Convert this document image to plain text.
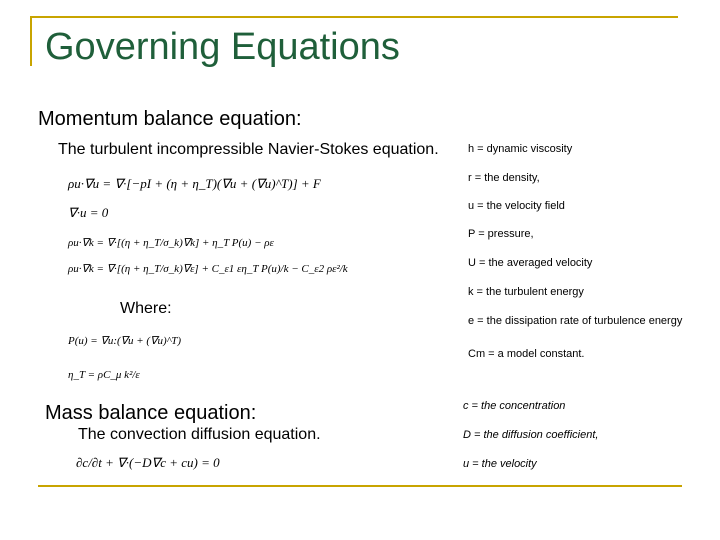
Governing Equations
Momentum balance equation:
The turbulent incompressible Navier-Stokes equation.
ρu·∇u = ∇·[−pI + (η + η_T)(∇u + (∇u)^T)] + F
∇·u = 0
ρu·∇k = ∇·[(η + η_T/σ_k)∇k] + η_T P(u) − ρε
ρu·∇k = ∇·[(η + η_T/σ_k)∇ε] + C_ε1 εη_T P(u)/k − C_ε2 ρε²/k
Where:
P(u) = ∇u:(∇u + (∇u)^T)
η_T = ρC_μ k²/ε
h = dynamic viscosity
r = the density,
u = the velocity field
P = pressure,
U = the averaged velocity
k = the turbulent energy
e = the dissipation rate of turbulence energy
Cm = a model constant.
Mass balance equation:
The convection diffusion equation.
∂c/∂t + ∇·(−D∇c + cu) = 0
c = the concentration
D = the diffusion coefficient,
u = the velocity
